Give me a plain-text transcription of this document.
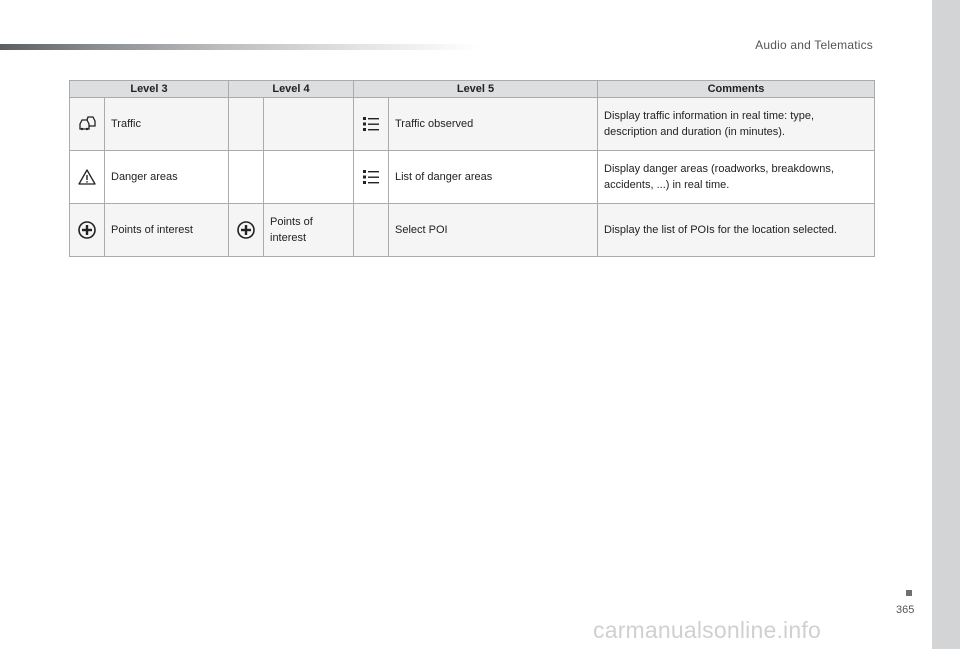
Audio and Telematics
Level 3		Level 4		Level 5		Comments

	Traffic				Traffic observed	Display traffic information in real time: type, description and duration (in minutes).

	Danger areas				List of danger areas	Display danger areas (roadworks, breakdowns, accidents, ...) in real time.

	Points of interest		Points of interest		Select POI	Display the list of POIs for the location selected.
365
carmanualsonline.info
